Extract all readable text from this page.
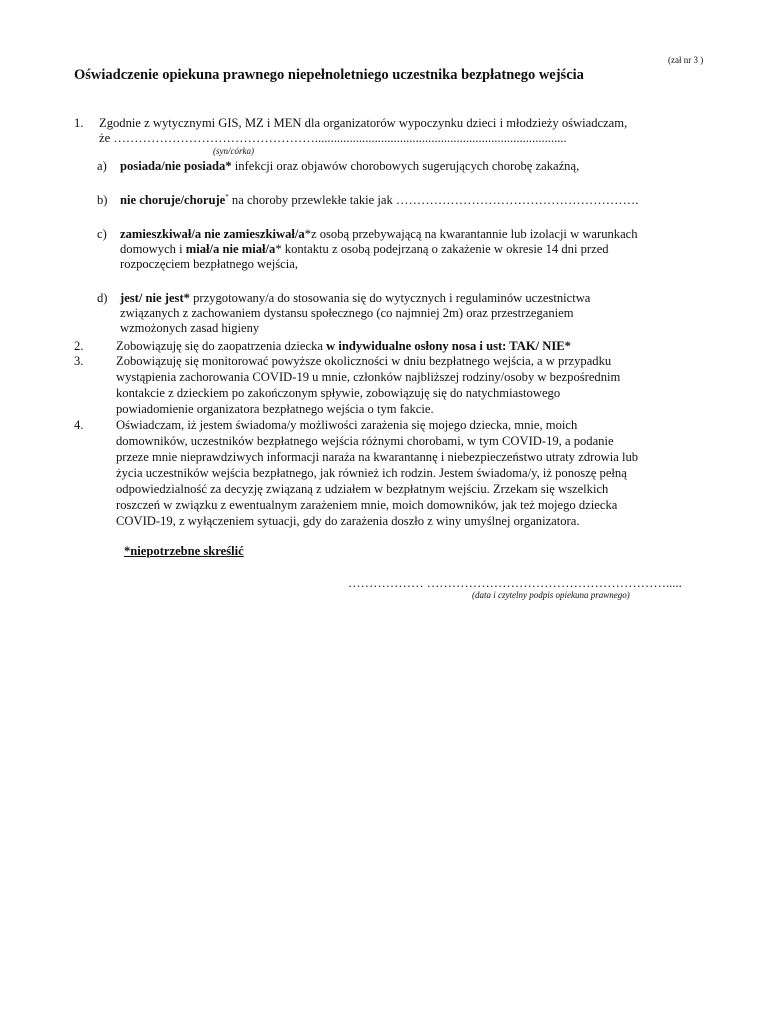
(zał nr 3 )
Oświadczenie opiekuna prawnego niepełnoletniego uczestnika bezpłatnego wejścia
1. Zgodnie z wytycznymi GIS, MZ i MEN dla organizatorów wypoczynku dzieci i młodzieży oświadczam,
że …………………………………………................................................................................
(syn/córka)
a) posiada/nie posiada* infekcji oraz objawów chorobowych sugerujących chorobę zakaźną,
b) nie choruje/choruje* na choroby przewlekłe takie jak ………………………………………………….
c) zamieszkiwał/a nie zamieszkiwał/a*z osobą przebywającą na kwarantannie lub izolacji w warunkach
domowych i miał/a nie miał/a* kontaktu z osobą podejrzaną o zakażenie w okresie 14 dni przed
rozpoczęciem bezpłatnego wejścia,
d) jest/ nie jest* przygotowany/a do stosowania się do wytycznych i regulaminów uczestnictwa
związanych z zachowaniem dystansu społecznego (co najmniej 2m) oraz przestrzeganiem
wzmożonych zasad higieny
2.	Zobowiązuję się do zaopatrzenia dziecka w indywidualne osłony nosa i ust: TAK/ NIE*
3.	Zobowiązuję się monitorować powyższe okoliczności w dniu bezpłatnego wejścia, a w przypadku
wystąpienia zachorowania COVID-19 u mnie, członków najbliższej rodziny/osoby w bezpośrednim
kontakcie z dzieckiem po zakończonym spływie, zobowiązuję się do natychmiastowego
powiadomienie organizatora bezpłatnego wejścia o tym fakcie.
4.	Oświadczam, iż jestem świadoma/y możliwości zarażenia się mojego dziecka, mnie, moich
domowników, uczestników bezpłatnego wejścia różnymi chorobami, w tym COVID-19, a podanie
przeze mnie nieprawdziwych informacji naraża na kwarantannę i niebezpieczeństwo utraty zdrowia lub
życia uczestników wejścia bezpłatnego, jak również ich rodzin. Jestem świadoma/y, iż ponoszę pełną
odpowiedzialność za decyzję związaną z udziałem w bezpłatnym wejściu. Zrzekam się wszelkich
roszczeń w związku z ewentualnym zarażeniem mnie, moich domowników, jak też mojego dziecka
COVID-19, z wyłączeniem sytuacji, gdy do zarażenia doszło z winy umyślnej organizatora.
*niepotrzebne skreślić
……………… ………………………………………………….....
(data i czytelny podpis opiekuna prawnego)
